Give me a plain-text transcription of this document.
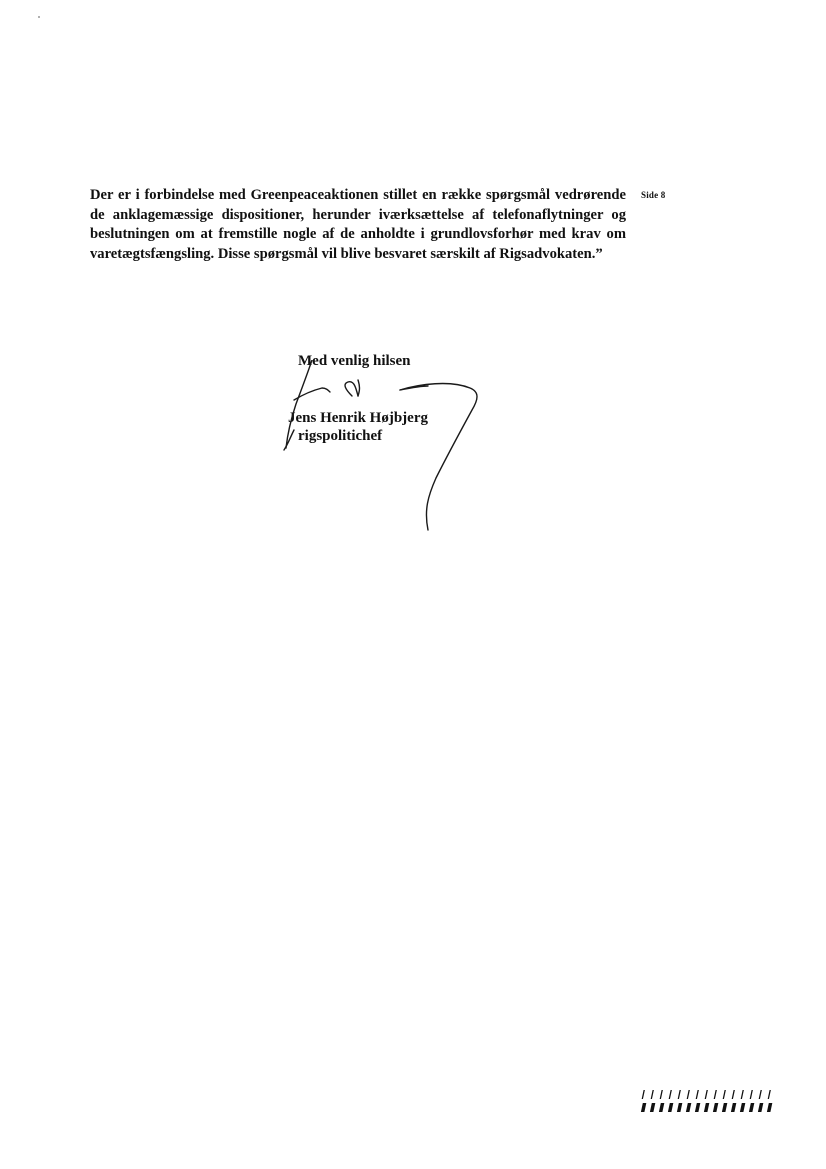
Der er i forbindelse med Greenpeaceaktionen stillet en række spørgsmål vedrørende de anklagemæssige dispositioner, herunder iværksættelse af telefonaflytninger og beslutningen om at fremstille nogle af de anholdte i grundlovsforhør med krav om varetægtsfængsling. Disse spørgsmål vil blive besvaret særskilt af Rigsadvokaten.”

Side 8
Med venlig hilsen
Jens Henrik Højbjerg
rigspolitichef
